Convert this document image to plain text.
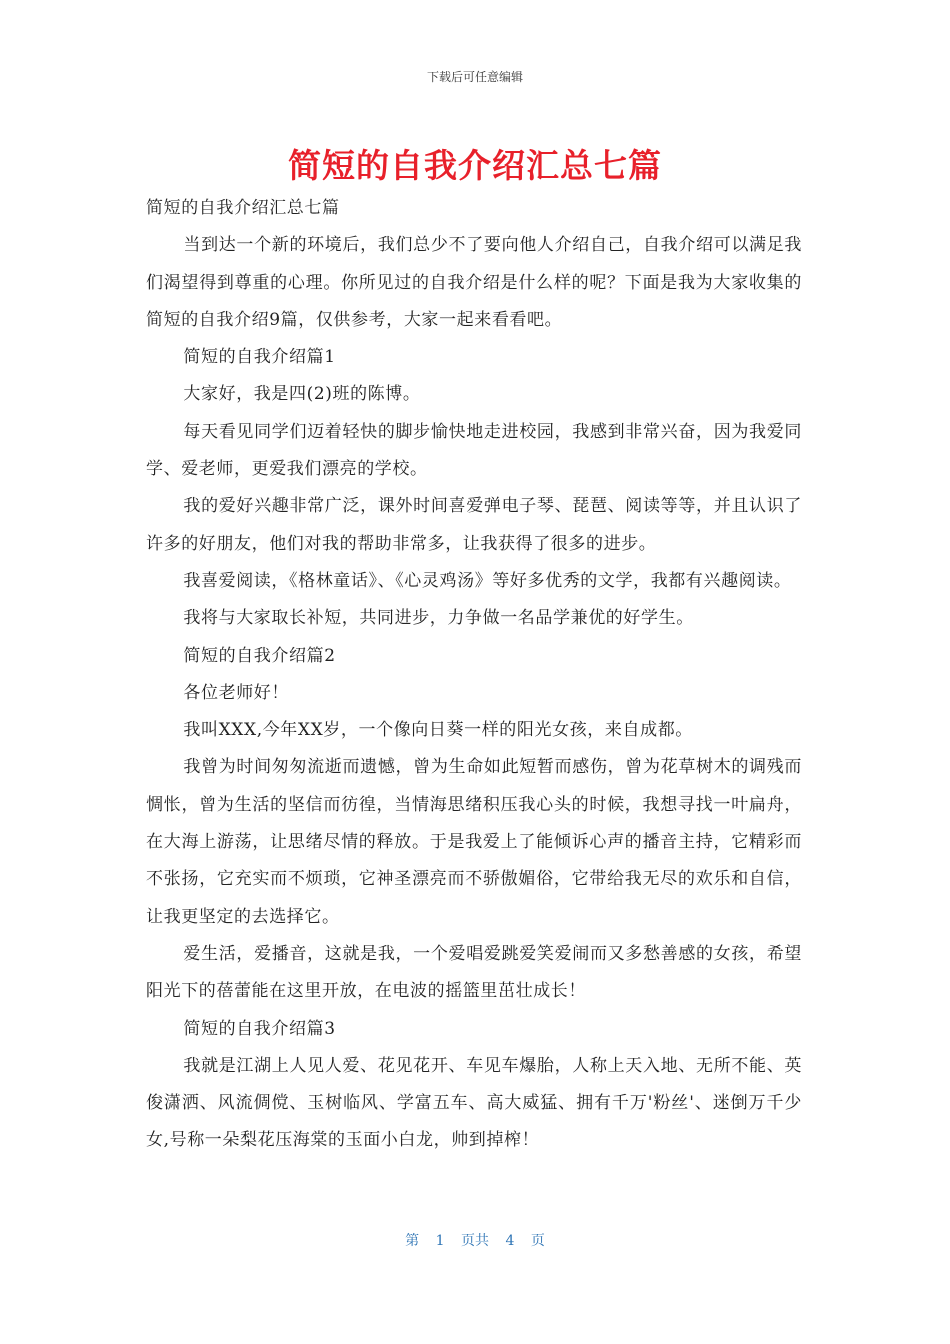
下载后可任意编辑
简短的自我介绍汇总七篇

简短的自我介绍汇总七篇

当到达一个新的环境后，我们总少不了要向他人介绍自己，自我介绍可以满足我们渴望得到尊重的心理。你所见过的自我介绍是什么样的呢？下面是我为大家收集的简短的自我介绍9篇，仅供参考，大家一起来看看吧。

简短的自我介绍篇1

大家好，我是四(2)班的陈博。

每天看见同学们迈着轻快的脚步愉快地走进校园，我感到非常兴奋，因为我爱同学、爱老师，更爱我们漂亮的学校。

我的爱好兴趣非常广泛，课外时间喜爱弹电子琴、琵琶、阅读等等，并且认识了许多的好朋友，他们对我的帮助非常多，让我获得了很多的进步。

我喜爱阅读，《格林童话》、《心灵鸡汤》等好多优秀的文学，我都有兴趣阅读。

我将与大家取长补短，共同进步，力争做一名品学兼优的好学生。

简短的自我介绍篇2

各位老师好！

我叫XXX,今年XX岁，一个像向日葵一样的阳光女孩，来自成都。

我曾为时间匆匆流逝而遗憾，曾为生命如此短暂而感伤，曾为花草树木的调残而惆怅，曾为生活的坚信而彷徨，当情海思绪积压我心头的时候，我想寻找一叶扁舟，在大海上游荡，让思绪尽情的释放。于是我爱上了能倾诉心声的播音主持，它精彩而不张扬，它充实而不烦琐，它神圣漂亮而不骄傲媚俗，它带给我无尽的欢乐和自信，让我更坚定的去选择它。

爱生活，爱播音，这就是我，一个爱唱爱跳爱笑爱闹而又多愁善感的女孩，希望阳光下的蓓蕾能在这里开放，在电波的摇篮里茁壮成长！

简短的自我介绍篇3

我就是江湖上人见人爱、花见花开、车见车爆胎，人称上天入地、无所不能、英俊潇洒、风流倜傥、玉树临风、学富五车、高大威猛、拥有千万'粉丝'、迷倒万千少女,号称一朵梨花压海棠的玉面小白龙，帅到掉榨！

第 1 页共 4 页
